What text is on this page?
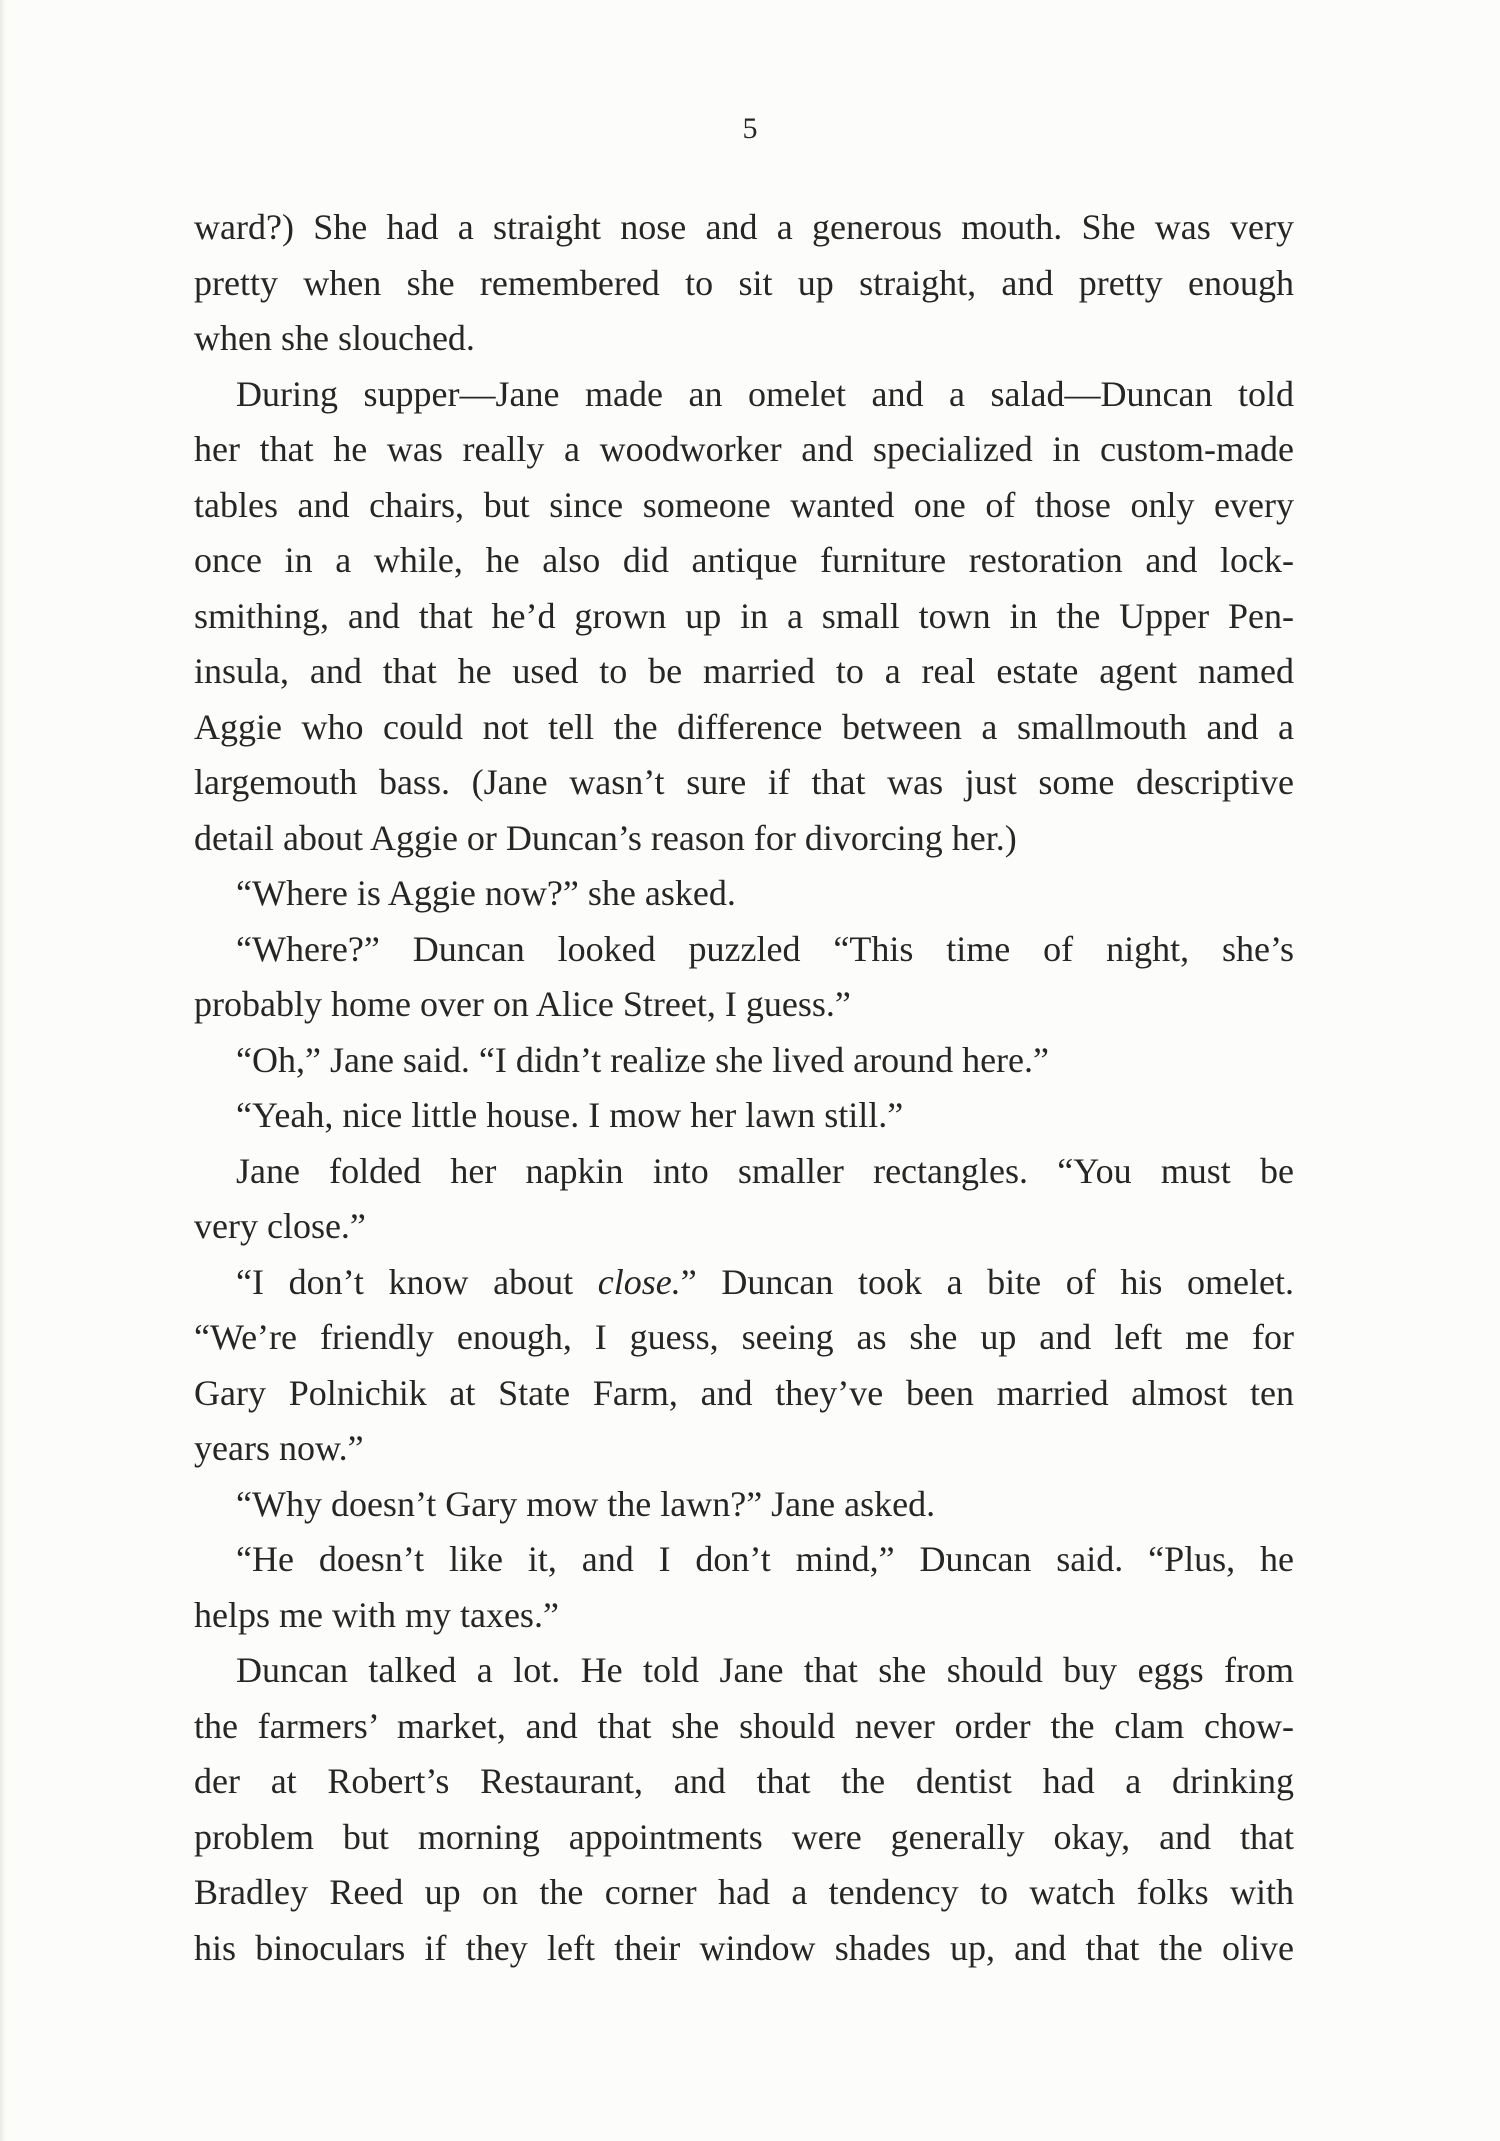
5
ward?) She had a straight nose and a generous mouth. She was very
pretty when she remembered to sit up straight, and pretty enough
when she slouched.
During supper—Jane made an omelet and a salad—Duncan told
her that he was really a woodworker and specialized in custom-made
tables and chairs, but since someone wanted one of those only every
once in a while, he also did antique furniture restoration and lock-
smithing, and that he’d grown up in a small town in the Upper Pen-
insula, and that he used to be married to a real estate agent named
Aggie who could not tell the difference between a smallmouth and a
largemouth bass. (Jane wasn’t sure if that was just some descriptive
detail about Aggie or Duncan’s reason for divorcing her.)
“Where is Aggie now?” she asked.
“Where?” Duncan looked puzzled “This time of night, she’s
probably home over on Alice Street, I guess.”
“Oh,” Jane said. “I didn’t realize she lived around here.”
“Yeah, nice little house. I mow her lawn still.”
Jane folded her napkin into smaller rectangles. “You must be
very close.”
“I don’t know about close.” Duncan took a bite of his omelet.
“We’re friendly enough, I guess, seeing as she up and left me for
Gary Polnichik at State Farm, and they’ve been married almost ten
years now.”
“Why doesn’t Gary mow the lawn?” Jane asked.
“He doesn’t like it, and I don’t mind,” Duncan said. “Plus, he
helps me with my taxes.”
Duncan talked a lot. He told Jane that she should buy eggs from
the farmers’ market, and that she should never order the clam chow-
der at Robert’s Restaurant, and that the dentist had a drinking
problem but morning appointments were generally okay, and that
Bradley Reed up on the corner had a tendency to watch folks with
his binoculars if they left their window shades up, and that the olive
